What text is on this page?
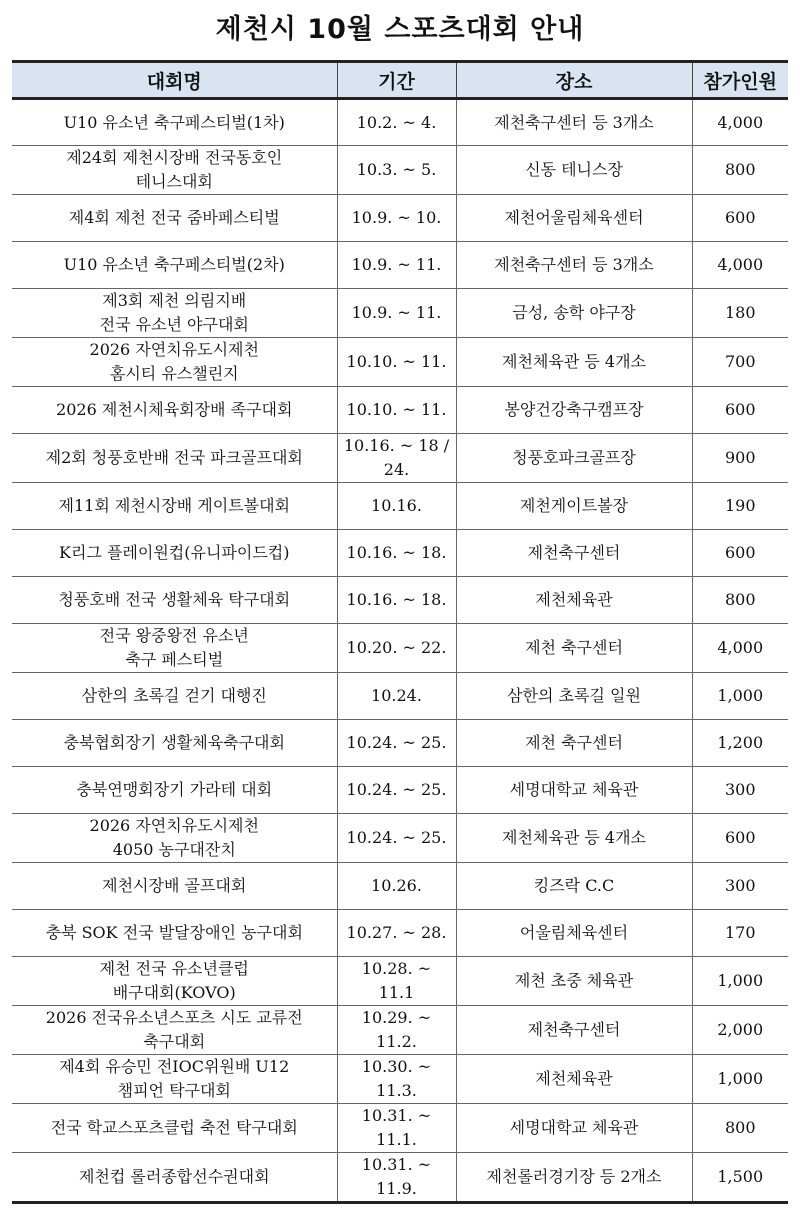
제천시 10월 스포츠대회 안내
대회명	기간	장소	참가인원
U10 유소년 축구페스티벌(1차)	10.2. ~ 4.	제천축구센터 등 3개소	4,000
제24회 제천시장배 전국동호인
테니스대회	10.3. ~ 5.	신동 테니스장	800
제4회 제천 전국 줌바페스티벌	10.9. ~ 10.	제천어울림체육센터	600
U10 유소년 축구페스티벌(2차)	10.9. ~ 11.	제천축구센터 등 3개소	4,000
제3회 제천 의림지배
전국 유소년 야구대회	10.9. ~ 11.	금성, 송학 야구장	180
2026 자연치유도시제천
홈시티 유스챌린지	10.10. ~ 11.	제천체육관 등 4개소	700
2026 제천시체육회장배 족구대회	10.10. ~ 11.	봉양건강축구캠프장	600
제2회 청풍호반배 전국 파크골프대회	10.16. ~ 18 /
24.	청풍호파크골프장	900
제11회 제천시장배 게이트볼대회	10.16.	제천게이트볼장	190
K리그 플레이원컵(유니파이드컵)	10.16. ~ 18.	제천축구센터	600
청풍호배 전국 생활체육 탁구대회	10.16. ~ 18.	제천체육관	800
전국 왕중왕전 유소년
축구 페스티벌	10.20. ~ 22.	제천 축구센터	4,000
삼한의 초록길 걷기 대행진	10.24.	삼한의 초록길 일원	1,000
충북협회장기 생활체육축구대회	10.24. ~ 25.	제천 축구센터	1,200
충북연맹회장기 가라테 대회	10.24. ~ 25.	세명대학교 체육관	300
2026 자연치유도시제천
4050 농구대잔치	10.24. ~ 25.	제천체육관 등 4개소	600
제천시장배 골프대회	10.26.	킹즈락 C.C	300
충북 SOK 전국 발달장애인 농구대회	10.27. ~ 28.	어울림체육센터	170
제천 전국 유소년클럽
배구대회(KOVO)	10.28. ~ 11.1	제천 초중 체육관	1,000
2026 전국유소년스포츠 시도 교류전
축구대회	10.29. ~ 11.2.	제천축구센터	2,000
제4회 유승민 전IOC위원배 U12
챔피언 탁구대회	10.30. ~ 11.3.	제천체육관	1,000
전국 학교스포츠클럽 축전 탁구대회	10.31. ~ 11.1.	세명대학교 체육관	800
제천컵 롤러종합선수권대회	10.31. ~ 11.9.	제천롤러경기장 등 2개소	1,500
